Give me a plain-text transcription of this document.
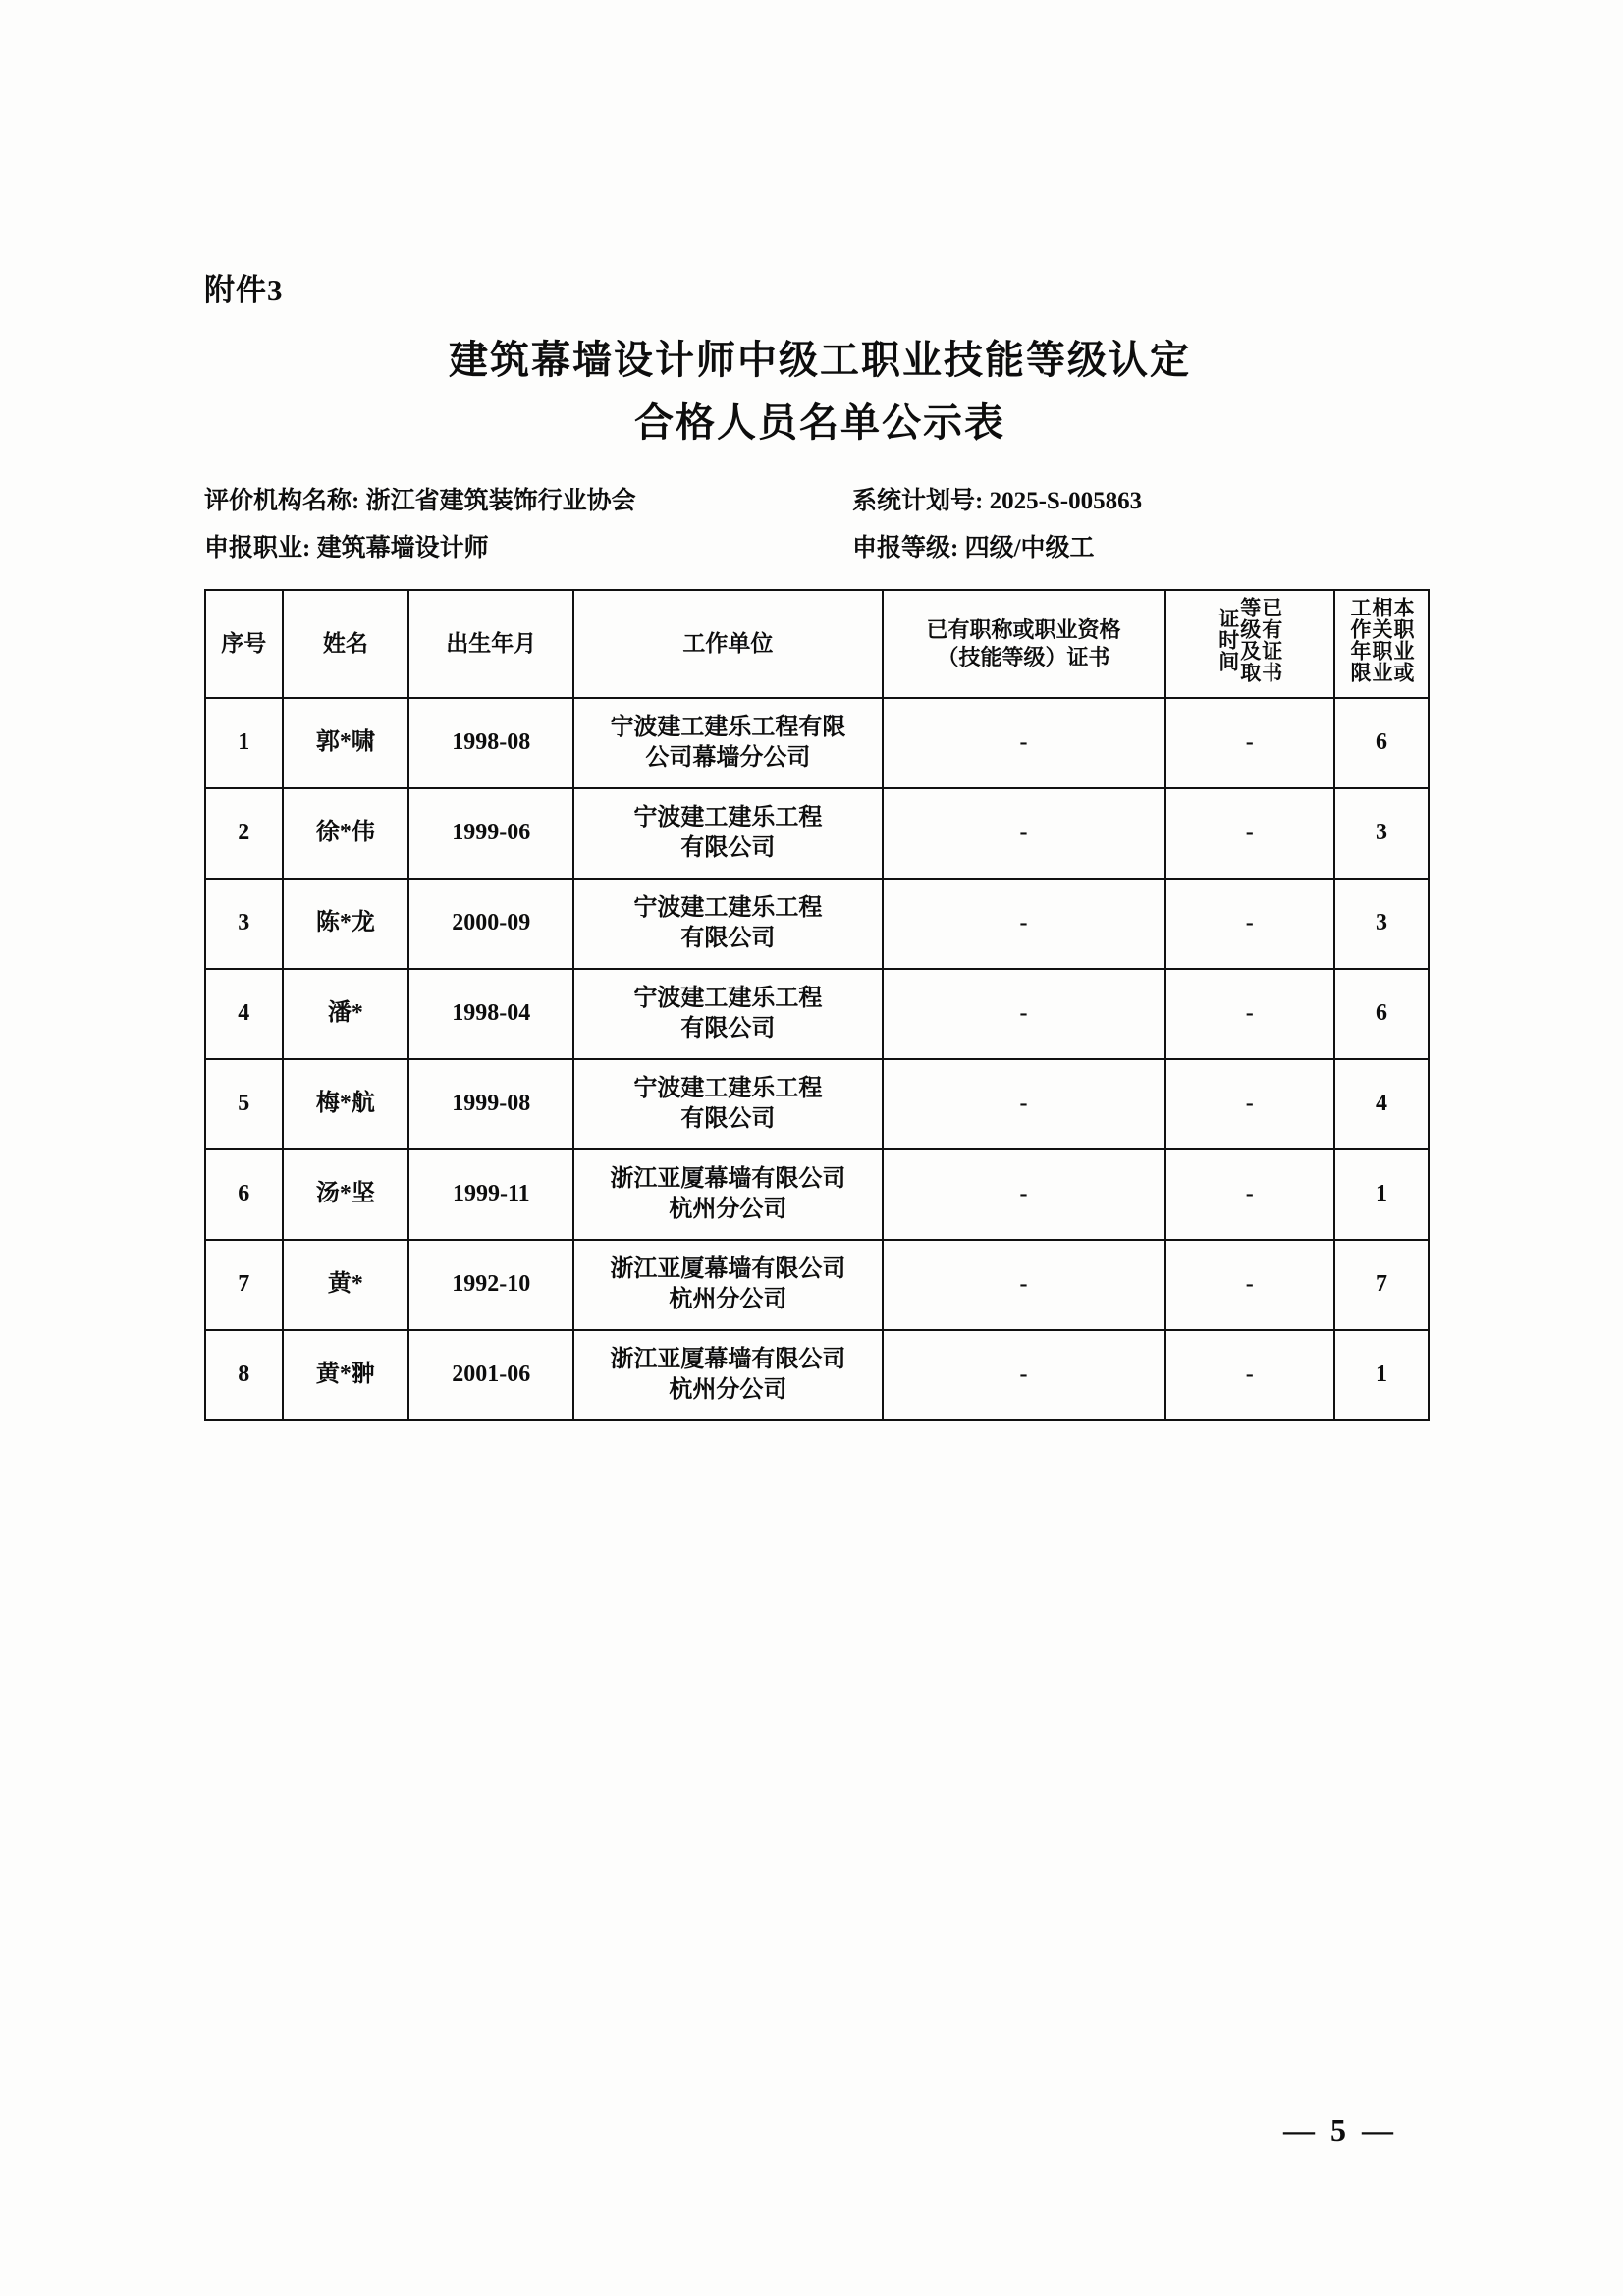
附件3
建筑幕墙设计师中级工职业技能等级认定
合格人员名单公示表
评价机构名称: 浙江省建筑装饰行业协会	系统计划号: 2025-S-005863
申报职业: 建筑幕墙设计师	申报等级: 四级/中级工
序号	姓名	出生年月	工作单位	已有职称或职业资格
（技能等级）证书	已有证书等级及取证时间	本职业或相关职业工作年限
1	郭*啸	1998-08	宁波建工建乐工程有限
公司幕墙分公司	-	-	6
2	徐*伟	1999-06	宁波建工建乐工程
有限公司	-	-	3
3	陈*龙	2000-09	宁波建工建乐工程
有限公司	-	-	3
4	潘*	1998-04	宁波建工建乐工程
有限公司	-	-	6
5	梅*航	1999-08	宁波建工建乐工程
有限公司	-	-	4
6	汤*坚	1999-11	浙江亚厦幕墙有限公司
杭州分公司	-	-	1
7	黄*	1992-10	浙江亚厦幕墙有限公司
杭州分公司	-	-	7
8	黄*翀	2001-06	浙江亚厦幕墙有限公司
杭州分公司	-	-	1
— 5 —
